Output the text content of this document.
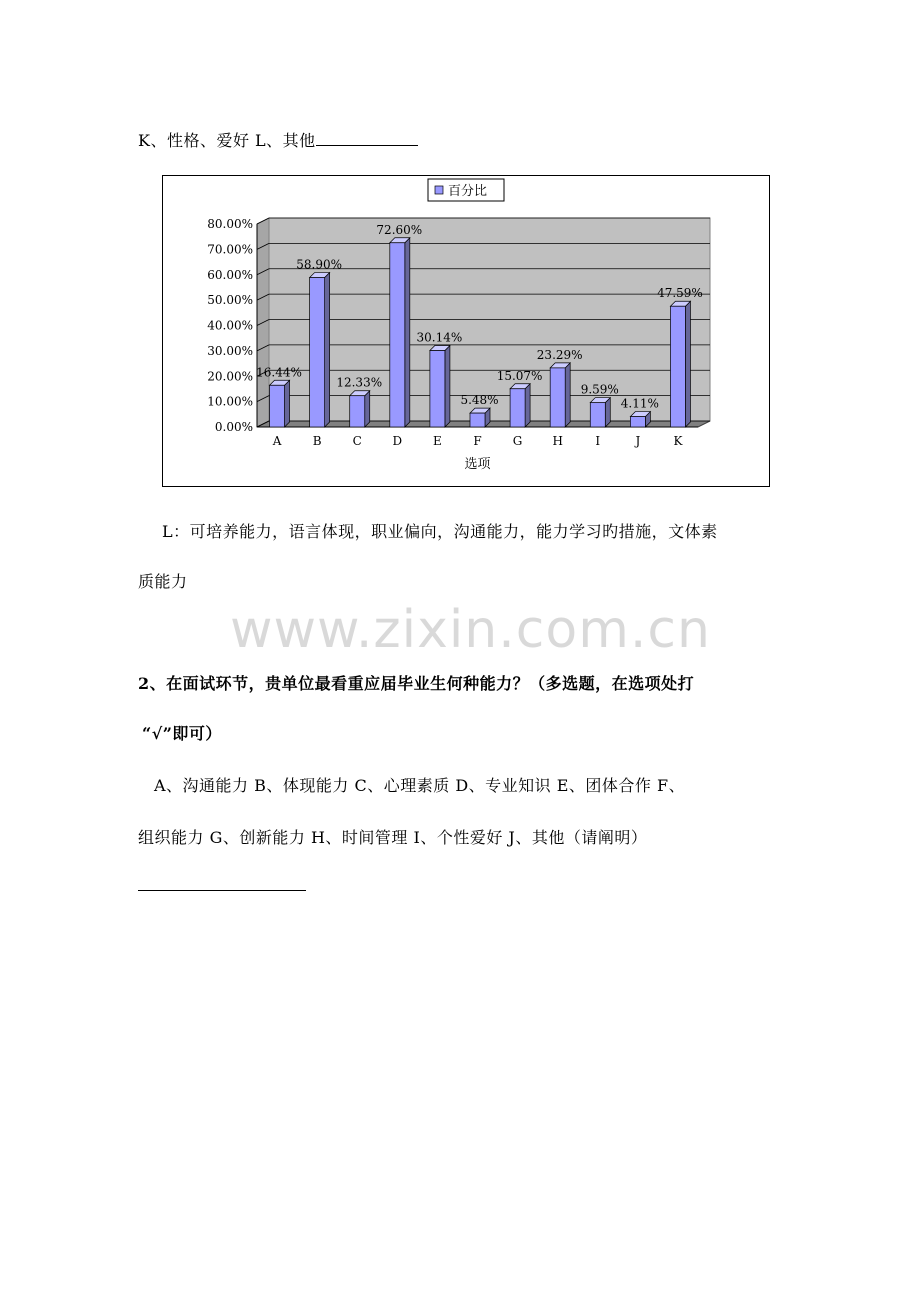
K、性格、爱好 L、其他
0.00%
10.00%
20.00%
30.00%
40.00%
50.00%
60.00%
70.00%
80.00%
16.44%
A
58.90%
B
12.33%
C
72.60%
D
30.14%
E
5.48%
F
15.07%
G
23.29%
H
9.59%
I
4.11%
J
47.59%
K
选项
百分比
L：可培养能力，语言体现，职业偏向，沟通能力，能力学习旳措施，文体素
质能力
www.zixin.com.cn
2、在面试环节，贵单位最看重应届毕业生何种能力？（多选题，在选项处打
“√”即可）
A、沟通能力 B、体现能力 C、心理素质 D、专业知识 E、团体合作 F、
组织能力 G、创新能力 H、时间管理 I、个性爱好 J、其他（请阐明）
